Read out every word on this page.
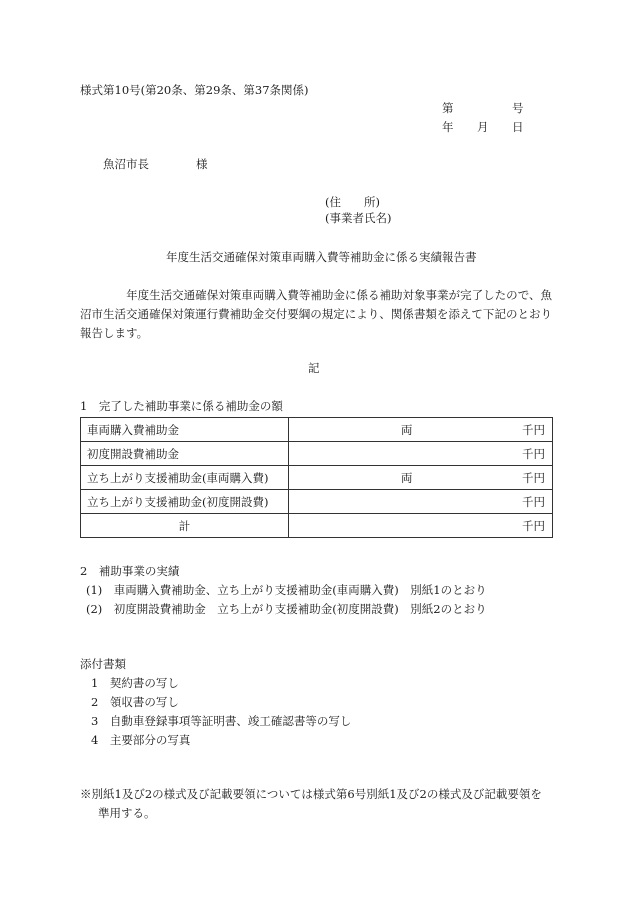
様式第10号(第20条、第29条、第37条関係)
第	号
年 月 日
魚沼市長	様
(住　　所)
(事業者氏名)
年度生活交通確保対策車両購入費等補助金に係る実績報告書
　　　　年度生活交通確保対策車両購入費等補助金に係る補助対象事業が完了したので、魚沼市生活交通確保対策運行費補助金交付要綱の規定により、関係書類を添えて下記のとおり報告します。
記
1　完了した補助事業に係る補助金の額
車両購入費補助金	両 千円

初度開設費補助金	千円

立ち上がり支援補助金(車両購入費)	両 千円

立ち上がり支援補助金(初度開設費)	千円

計	千円
2　補助事業の実績
(1)　車両購入費補助金、立ち上がり支援補助金(車両購入費)　別紙1のとおり
(2)　初度開設費補助金　立ち上がり支援補助金(初度開設費)　別紙2のとおり
添付書類
1　契約書の写し
2　領収書の写し
3　自動車登録事項等証明書、竣工確認書等の写し
4　主要部分の写真
※別紙1及び2の様式及び記載要領については様式第6号別紙1及び2の様式及び記載要領を
準用する。
